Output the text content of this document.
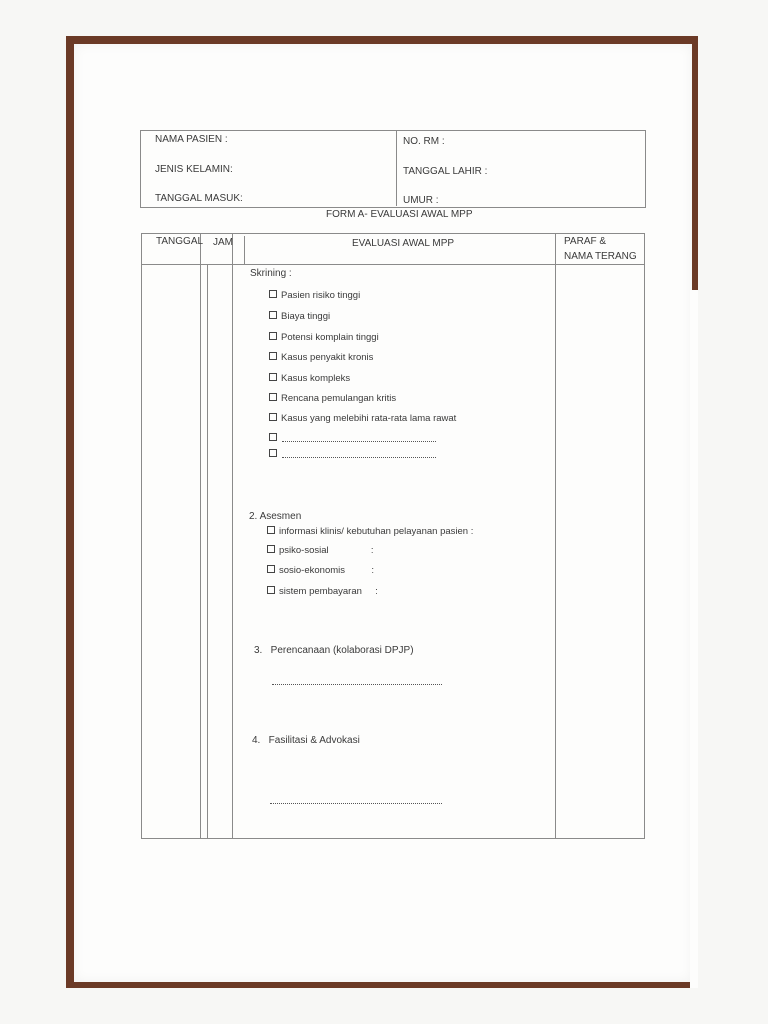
NAMA PASIEN :
JENIS KELAMIN:
TANGGAL MASUK:
NO. RM :
TANGGAL LAHIR :
UMUR :
FORM A- EVALUASI AWAL MPP
TANGGAL JAM	EVALUASI AWAL MPP	PARAF &
NAMA TERANG
Skrining :
Pasien risiko tinggi
Biaya tinggi
Potensi komplain tinggi
Kasus penyakit kronis
Kasus kompleks
Rencana pemulangan kritis
Kasus yang melebihi rata-rata lama rawat
2. Asesmen
informasi klinis/ kebutuhan pelayanan pasien :
psiko-sosial                :
sosio-ekonomis          :
sistem pembayaran     :
3.   Perencanaan (kolaborasi DPJP)
4.   Fasilitasi & Advokasi
